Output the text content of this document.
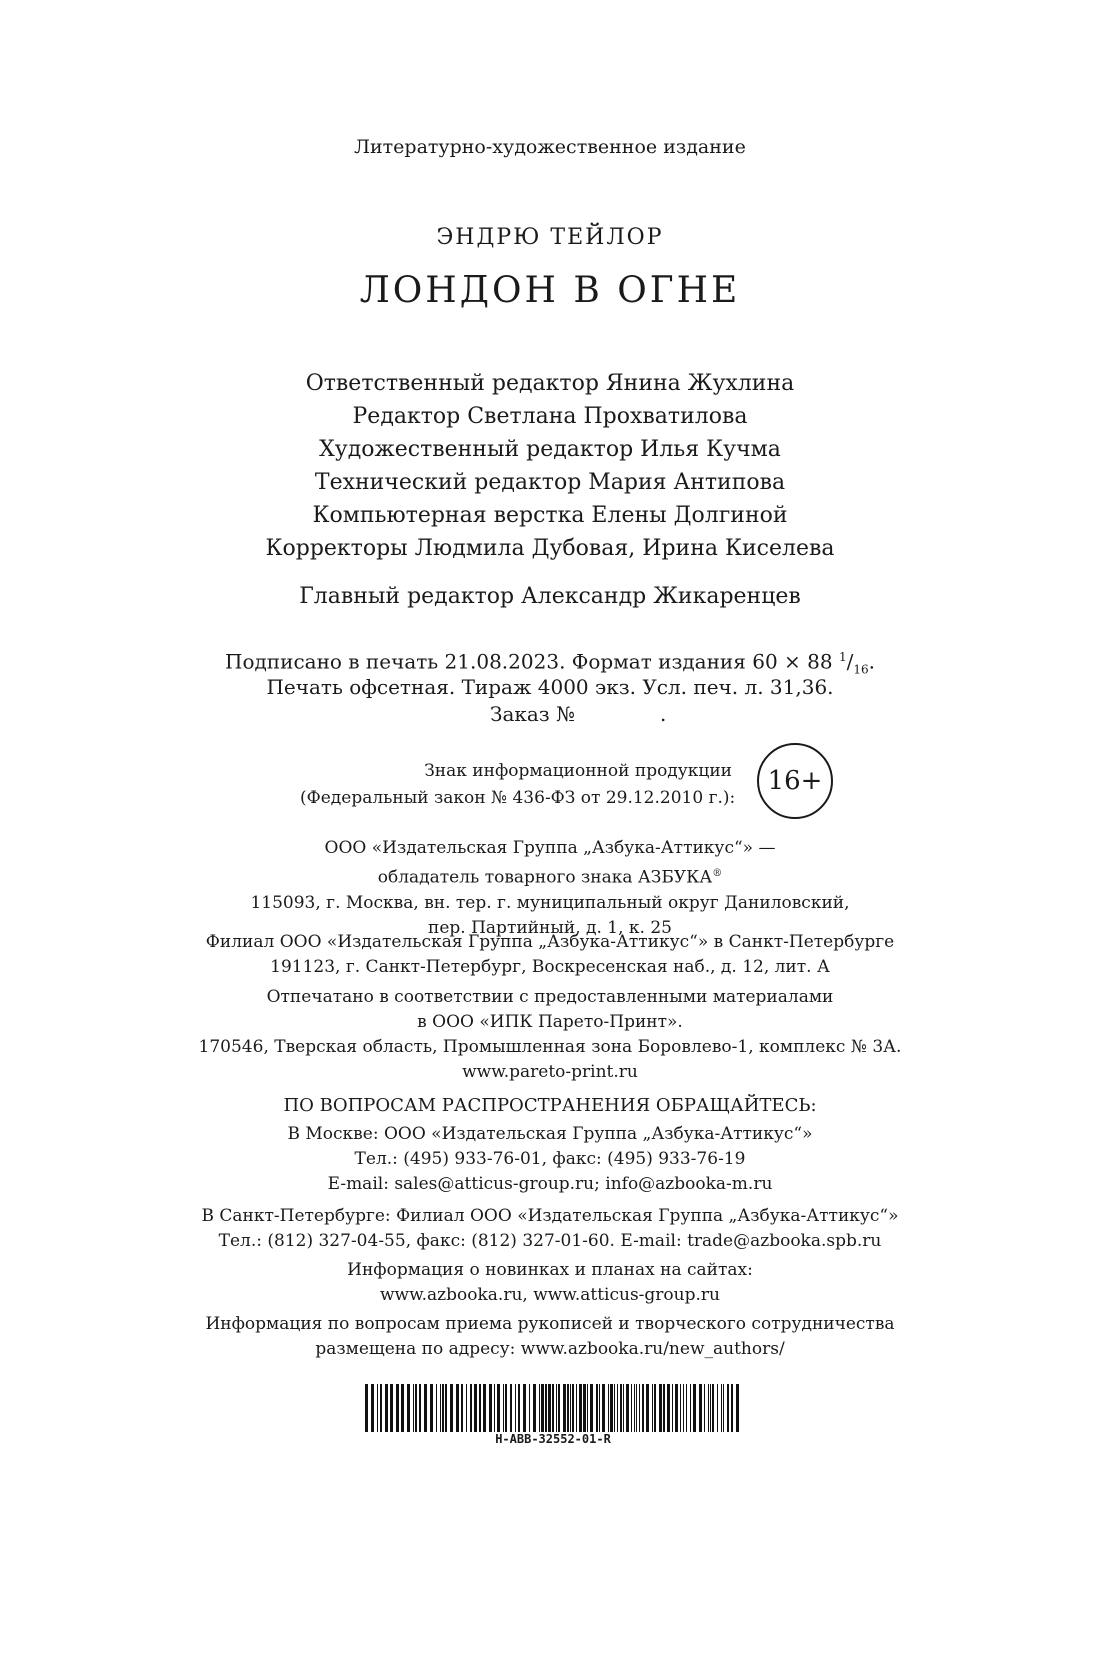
Литературно-художественное издание
ЭНДРЮ ТЕЙЛОР
ЛОНДОН В ОГНЕ
Ответственный редактор Янина Жухлина
Редактор Светлана Прохватилова
Художественный редактор Илья Кучма
Технический редактор Мария Антипова
Компьютерная верстка Елены Долгиной
Корректоры Людмила Дубовая, Ирина Киселева
Главный редактор Александр Жикаренцев
Подписано в печать 21.08.2023. Формат издания 60 × 88 $^1/_{16}$.
Печать офсетная. Тираж 4000 экз. Усл. печ. л. 31,36.
Заказ №	.
Знак информационной продукции
(Федеральный закон № 436-ФЗ от 29.12.2010 г.):
16+
ООО «Издательская Группа „Азбука-Аттикус“» —
обладатель товарного знака АЗБУКА®
115093, г. Москва, вн. тер. г. муниципальный округ Даниловский,
пер. Партийный, д. 1, к. 25
Филиал ООО «Издательская Группа „Азбука-Аттикус“» в Санкт-Петербурге
191123, г. Санкт-Петербург, Воскресенская наб., д. 12, лит. А
Отпечатано в соответствии с предоставленными материалами
в ООО «ИПК Парето-Принт».
170546, Тверская область, Промышленная зона Боровлево-1, комплекс № 3А.
www.pareto-print.ru
ПО ВОПРОСАМ РАСПРОСТРАНЕНИЯ ОБРАЩАЙТЕСЬ:
В Москве: ООО «Издательская Группа „Азбука-Аттикус“»
Тел.: (495) 933-76-01, факс: (495) 933-76-19
E-mail: sales@atticus-group.ru; info@azbooka-m.ru
В Санкт-Петербурге: Филиал ООО «Издательская Группа „Азбука-Аттикус“»
Тел.: (812) 327-04-55, факс: (812) 327-01-60. E-mail: trade@azbooka.spb.ru
Информация о новинках и планах на сайтах:
www.azbooka.ru, www.atticus-group.ru
Информация по вопросам приема рукописей и творческого сотрудничества
размещена по адресу: www.azbooka.ru/new_authors/
H-ABB-32552-01-R
